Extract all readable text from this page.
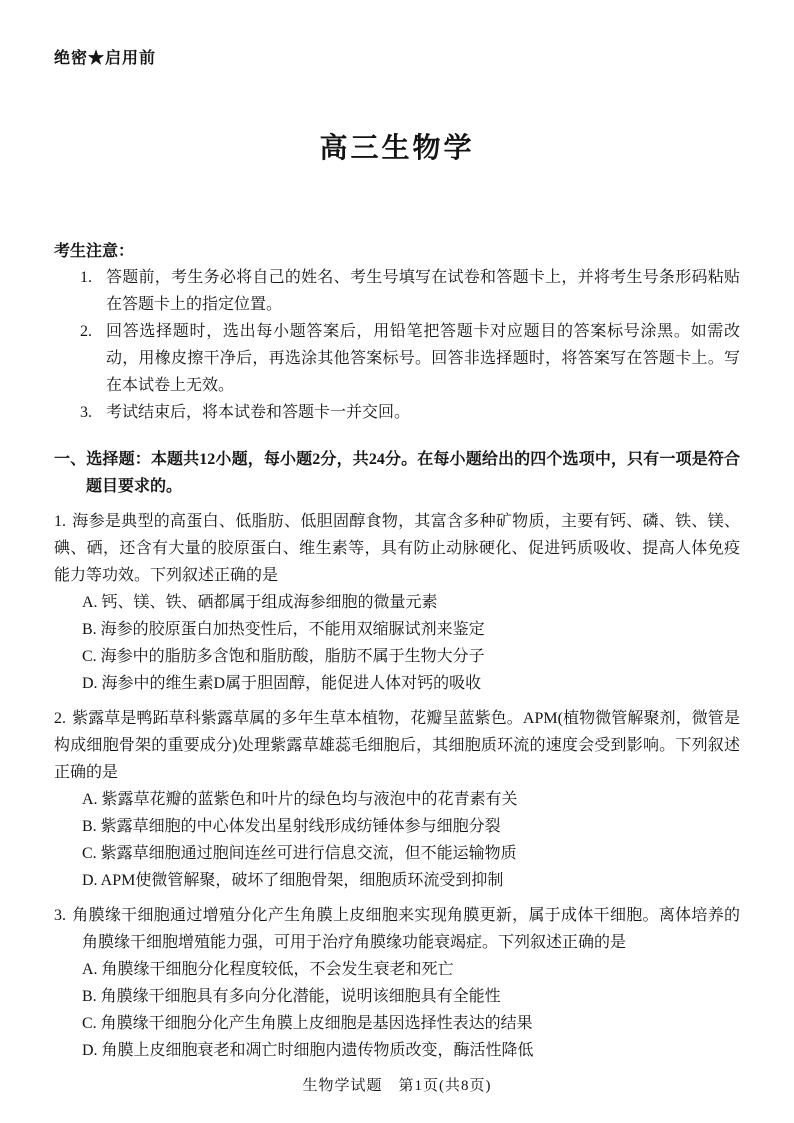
绝密★启用前
高三生物学
考生注意：
1. 答题前，考生务必将自己的姓名、考生号填写在试卷和答题卡上，并将考生号条形码粘贴在答题卡上的指定位置。
2. 回答选择题时，选出每小题答案后，用铅笔把答题卡对应题目的答案标号涂黑。如需改动，用橡皮擦干净后，再选涂其他答案标号。回答非选择题时，将答案写在答题卡上。写在本试卷上无效。
3. 考试结束后，将本试卷和答题卡一并交回。
一、选择题：本题共12小题，每小题2分，共24分。在每小题给出的四个选项中，只有一项是符合题目要求的。

1. 海参是典型的高蛋白、低脂肪、低胆固醇食物，其富含多种矿物质，主要有钙、磷、铁、镁、碘、硒，还含有大量的胶原蛋白、维生素等，具有防止动脉硬化、促进钙质吸收、提高人体免疫能力等功效。下列叙述正确的是

A. 钙、镁、铁、硒都属于组成海参细胞的微量元素
B. 海参的胶原蛋白加热变性后，不能用双缩脲试剂来鉴定
C. 海参中的脂肪多含饱和脂肪酸，脂肪不属于生物大分子
D. 海参中的维生素D属于胆固醇，能促进人体对钙的吸收

2. 紫露草是鸭跖草科紫露草属的多年生草本植物，花瓣呈蓝紫色。APM(植物微管解聚剂，微管是构成细胞骨架的重要成分)处理紫露草雄蕊毛细胞后，其细胞质环流的速度会受到影响。下列叙述正确的是

A. 紫露草花瓣的蓝紫色和叶片的绿色均与液泡中的花青素有关
B. 紫露草细胞的中心体发出星射线形成纺锤体参与细胞分裂
C. 紫露草细胞通过胞间连丝可进行信息交流，但不能运输物质
D. APM使微管解聚，破坏了细胞骨架，细胞质环流受到抑制

3. 角膜缘干细胞通过增殖分化产生角膜上皮细胞来实现角膜更新，属于成体干细胞。离体培养的角膜缘干细胞增殖能力强，可用于治疗角膜缘功能衰竭症。下列叙述正确的是

A. 角膜缘干细胞分化程度较低，不会发生衰老和死亡
B. 角膜缘干细胞具有多向分化潜能，说明该细胞具有全能性
C. 角膜缘干细胞分化产生角膜上皮细胞是基因选择性表达的结果
D. 角膜上皮细胞衰老和凋亡时细胞内遗传物质改变，酶活性降低
生物学试题　第1页(共8页)
